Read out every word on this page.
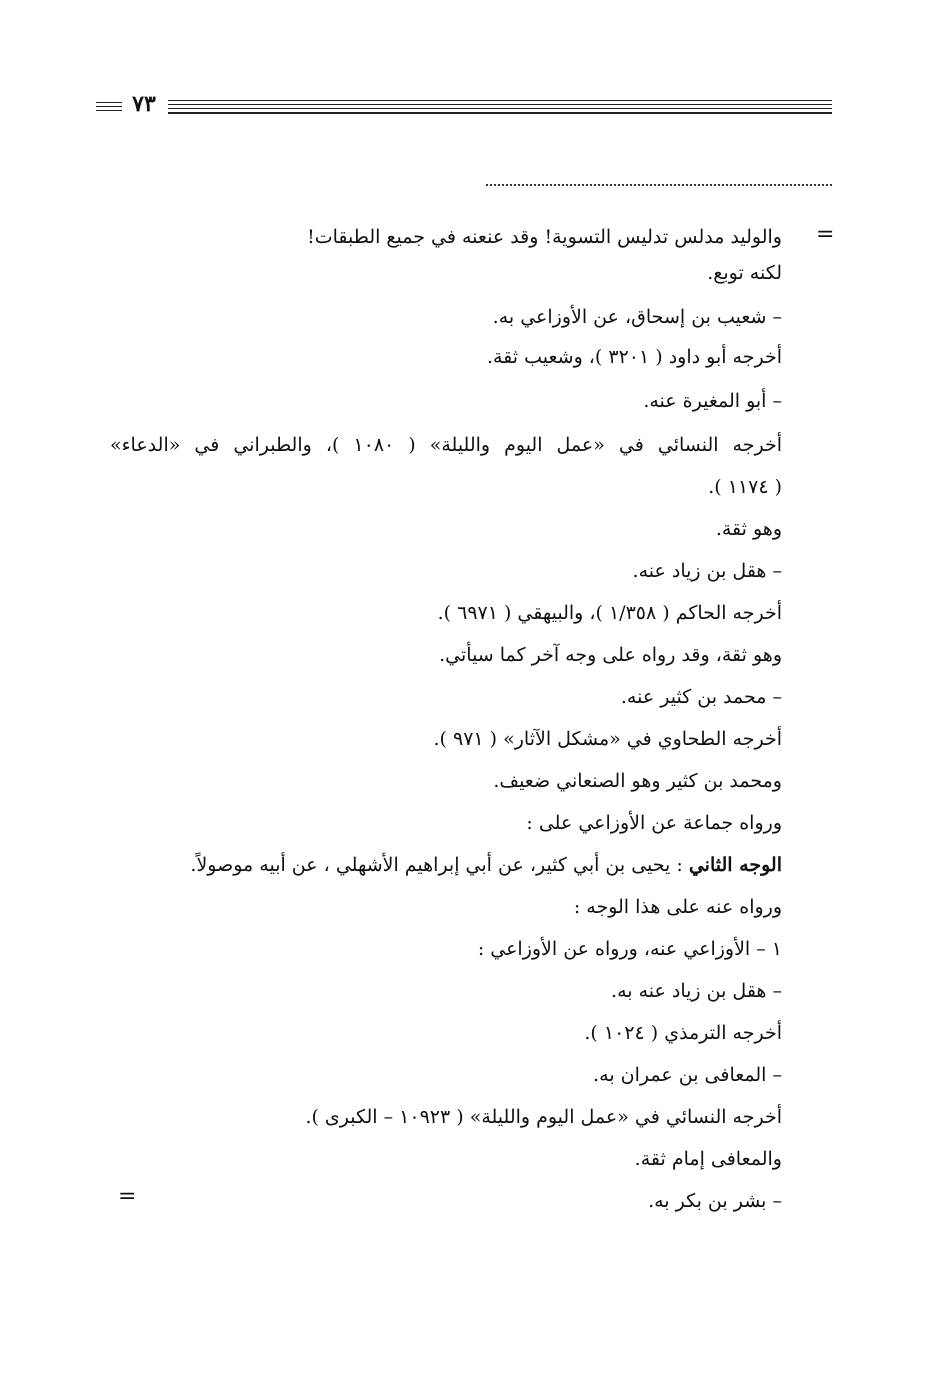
٧٣
=
=
والوليد مدلس تدليس التسوية! وقد عنعنه في جميع الطبقات!
لكنه توبع.
– شعيب بن إسحاق، عن الأوزاعي به.
أخرجه أبو داود ( ٣٢٠١ )، وشعيب ثقة.
– أبو المغيرة عنه.
أخرجه النسائي في «عمل اليوم والليلة» ( ١٠٨٠ )، والطبراني في «الدعاء»
( ١١٧٤ ).
وهو ثقة.
– هقل بن زياد عنه.
أخرجه الحاكم ( ١/٣٥٨ )، والبيهقي ( ٦٩٧١ ).
وهو ثقة، وقد رواه على وجه آخر كما سيأتي.
– محمد بن كثير عنه.
أخرجه الطحاوي في «مشكل الآثار» ( ٩٧١ ).
ومحمد بن كثير وهو الصنعاني ضعيف.
ورواه جماعة عن الأوزاعي على :
الوجه الثاني : يحيى بن أبي كثير، عن أبي إبراهيم الأشهلي ، عن أبيه موصولاً.
ورواه عنه على هذا الوجه :
١ – الأوزاعي عنه، ورواه عن الأوزاعي :
– هقل بن زياد عنه به.
أخرجه الترمذي ( ١٠٢٤ ).
– المعافى بن عمران به.
أخرجه النسائي في «عمل اليوم والليلة» ( ١٠٩٢٣ – الكبرى ).
والمعافى إمام ثقة.
– بشر بن بكر به.
